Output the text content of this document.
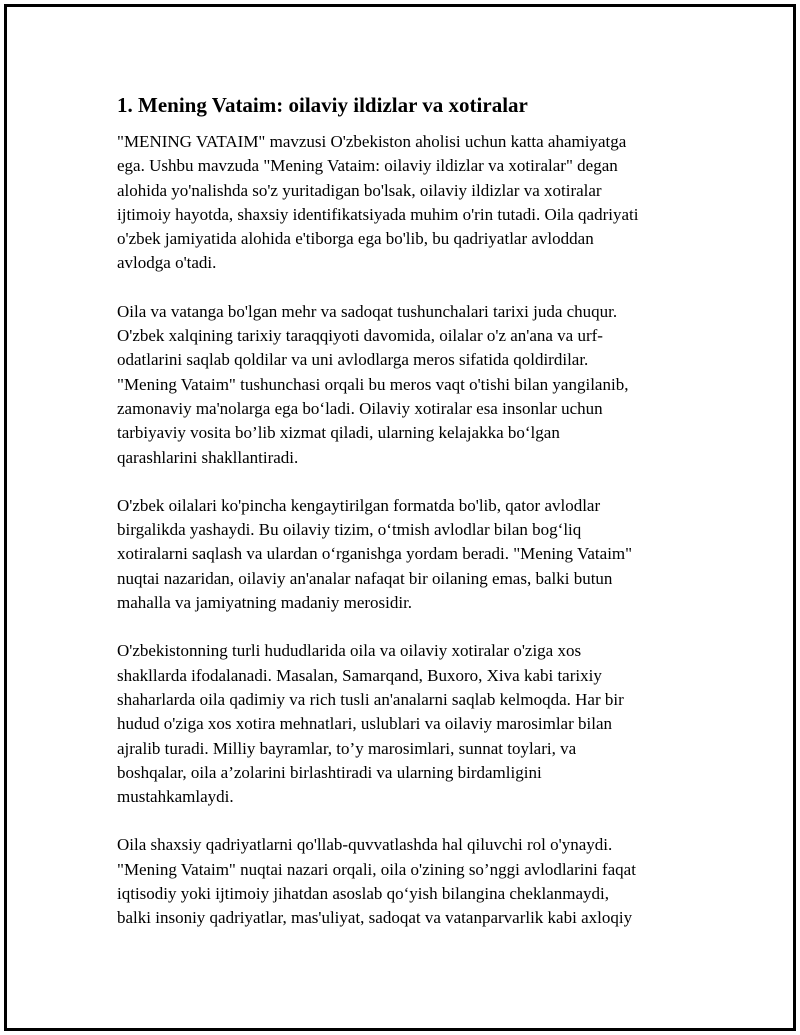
1. Mening Vataim: oilaviy ildizlar va xotiralar

"MENING VATAIM" mavzusi O'zbekiston aholisi uchun katta ahamiyatga
ega. Ushbu mavzuda "Mening Vataim: oilaviy ildizlar va xotiralar" degan
alohida yo'nalishda so'z yuritadigan bo'lsak, oilaviy ildizlar va xotiralar
ijtimoiy hayotda, shaxsiy identifikatsiyada muhim o'rin tutadi. Oila qadriyati
o'zbek jamiyatida alohida e'tiborga ega bo'lib, bu qadriyatlar avloddan
avlodga o'tadi.

Oila va vatanga bo'lgan mehr va sadoqat tushunchalari tarixi juda chuqur.
O'zbek xalqining tarixiy taraqqiyoti davomida, oilalar o'z an'ana va urf-
odatlarini saqlab qoldilar va uni avlodlarga meros sifatida qoldirdilar.
"Mening Vataim" tushunchasi orqali bu meros vaqt o'tishi bilan yangilanib,
zamonaviy ma'nolarga ega bo‘ladi. Oilaviy xotiralar esa insonlar uchun
tarbiyaviy vosita bo’lib xizmat qiladi, ularning kelajakka bo‘lgan
qarashlarini shakllantiradi.

O'zbek oilalari ko'pincha kengaytirilgan formatda bo'lib, qator avlodlar
birgalikda yashaydi. Bu oilaviy tizim, o‘tmish avlodlar bilan bog‘liq
xotiralarni saqlash va ulardan o‘rganishga yordam beradi. "Mening Vataim"
nuqtai nazaridan, oilaviy an'analar nafaqat bir oilaning emas, balki butun
mahalla va jamiyatning madaniy merosidir.

O'zbekistonning turli hududlarida oila va oilaviy xotiralar o'ziga xos
shakllarda ifodalanadi. Masalan, Samarqand, Buxoro, Xiva kabi tarixiy
shaharlarda oila qadimiy va rich tusli an'analarni saqlab kelmoqda. Har bir
hudud o'ziga xos xotira mehnatlari, uslublari va oilaviy marosimlar bilan
ajralib turadi. Milliy bayramlar, to’y marosimlari, sunnat toylari, va
boshqalar, oila a’zolarini birlashtiradi va ularning birdamligini
mustahkamlaydi.

Oila shaxsiy qadriyatlarni qo'llab-quvvatlashda hal qiluvchi rol o'ynaydi.
"Mening Vataim" nuqtai nazari orqali, oila o'zining so’nggi avlodlarini faqat
iqtisodiy yoki ijtimoiy jihatdan asoslab qo‘yish bilangina cheklanmaydi,
balki insoniy qadriyatlar, mas'uliyat, sadoqat va vatanparvarlik kabi axloqiy
